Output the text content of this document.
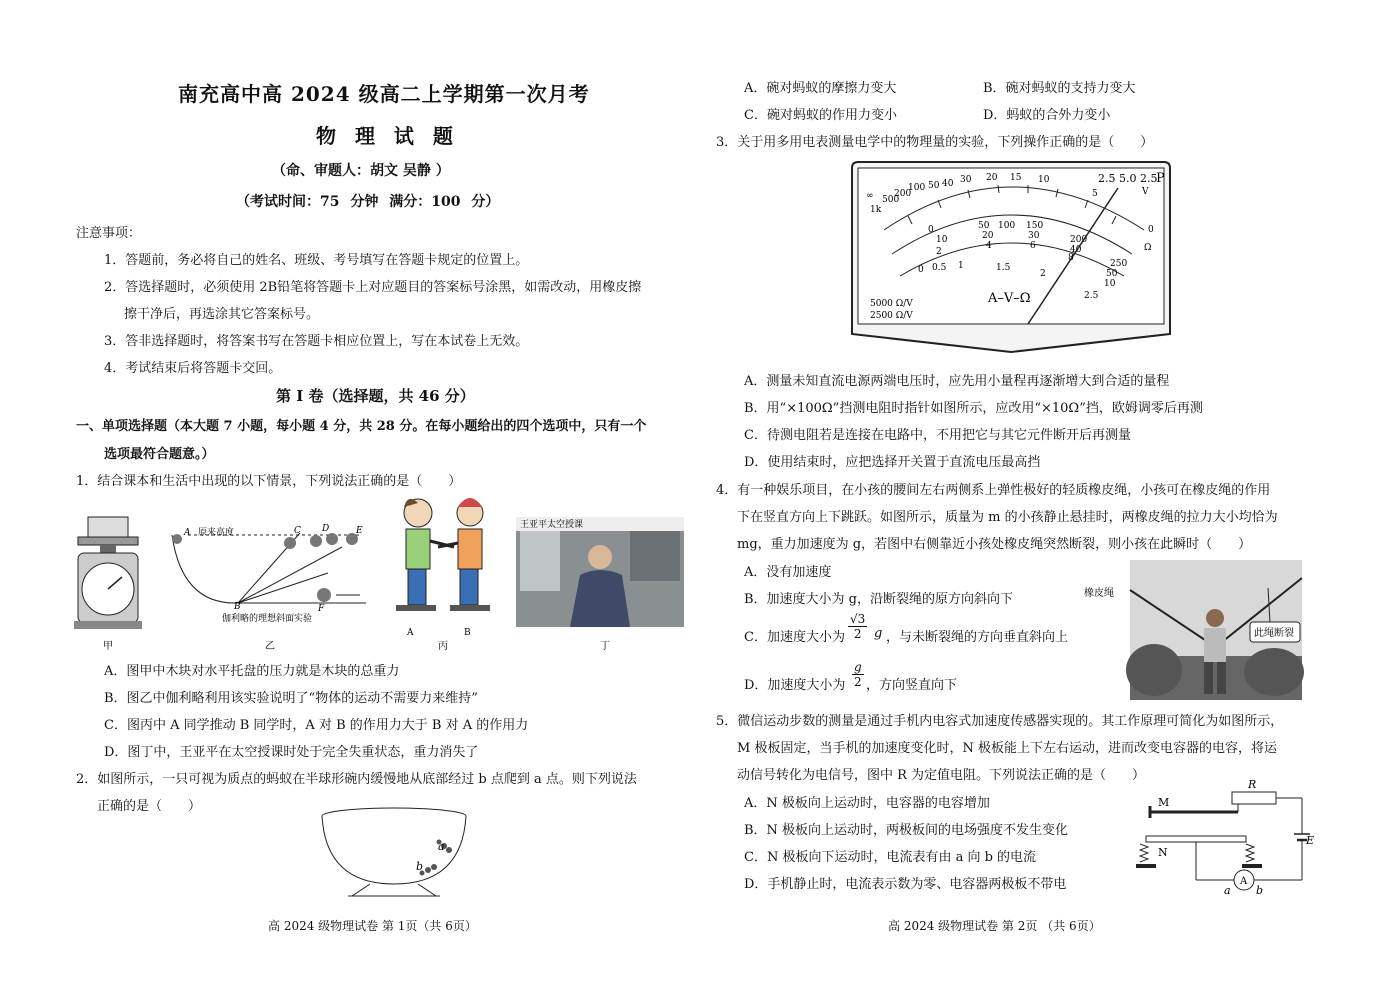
南充高中高 2024 级高二上学期第一次月考
物 理 试 题
（命、审题人：胡文 吴静 ）
（考试时间：75 分钟 满分：100 分）
注意事项：
1．答题前，务必将自己的姓名、班级、考号填写在答题卡规定的位置上。
2．答选择题时，必须使用 2B铅笔将答题卡上对应题目的答案标号涂黑，如需改动，用橡皮擦
擦干净后，再选涂其它答案标号。
3．答非选择题时，将答案书写在答题卡相应位置上，写在本试卷上无效。
4．考试结束后将答题卡交回。
第 I 卷（选择题，共 46 分）
一、单项选择题（本大题 7 小题，每小题 4 分，共 28 分。在每小题给出的四个选项中，只有一个
选项最符合题意。）
1．结合课本和生活中出现的以下情景，下列说法正确的是（　　）
甲
A 原来高度
B
C D	E
F
伽利略的理想斜面实验
乙
A	B
丙
王亚平太空授课
丁
A．图甲中木块对水平托盘的压力就是木块的总重力
B．图乙中伽利略利用该实验说明了“物体的运动不需要力来维持”
C．图丙中 A 同学推动 B 同学时，A 对 B 的作用力大于 B 对 A 的作用力
D．图丁中，王亚平在太空授课时处于完全失重状态，重力消失了
2．如图所示，一只可视为质点的蚂蚁在半球形碗内缓慢地从底部经过 b 点爬到 a 点。则下列说法
正确的是（　　）
a
b
高 2024 级物理试卷 第 1页（共 6页）
A．碗对蚂蚁的摩擦力变大	B．碗对蚂蚁的支持力变大
C．碗对蚂蚁的作用力变小	D．蚂蚁的合外力变小
3．关于用多用电表测量电学中的物理量的实验，下列操作正确的是（　　）
∞
1k
500
200
100 50 40 30 20 15 10
5
0
Ω
2.5 5.0 2.5
P
V
0	50 100 150
200
250
10	20	30
40
50
2
4	6
8
10
0 0.5 1	1.5
2
2.5
A–V–Ω
5000 Ω/V
2500 Ω/V
A．测量未知直流电源两端电压时，应先用小量程再逐渐增大到合适的量程
B．用“×100Ω”挡测电阻时指针如图所示，应改用“×10Ω”挡，欧姆调零后再测
C．待测电阻若是连接在电路中，不用把它与其它元件断开后再测量
D．使用结束时，应把选择开关置于直流电压最高挡
4．有一种娱乐项目，在小孩的腰间左右两侧系上弹性极好的轻质橡皮绳，小孩可在橡皮绳的作用
下在竖直方向上下跳跃。如图所示，质量为 m 的小孩静止悬挂时，两橡皮绳的拉力大小均恰为
mg，重力加速度为 g，若图中右侧靠近小孩处橡皮绳突然断裂，则小孩在此瞬时（　　）
A．没有加速度
B．加速度大小为 g，沿断裂绳的原方向斜向下
C．加速度大小为
√3
2 g ，与未断裂绳的方向垂直斜向上
D．加速度大小为
g
2 ，方向竖直向下
此绳断裂
橡皮绳
5．微信运动步数的测量是通过手机内电容式加速度传感器实现的。其工作原理可简化为如图所示，
M 极板固定，当手机的加速度变化时，N 极板能上下左右运动，进而改变电容器的电容，将运
动信号转化为电信号，图中 R 为定值电阻。下列说法正确的是（　　）
A．N 极板向上运动时，电容器的电容增加
B．N 极板向上运动时，两极板间的电场强度不发生变化
C．N 极板向下运动时，电流表有由 a 向 b 的电流
D．手机静止时，电流表示数为零、电容器两极板不带电
M
N
R
E
a b
A
高 2024 级物理试卷 第 2页 （共 6页）
